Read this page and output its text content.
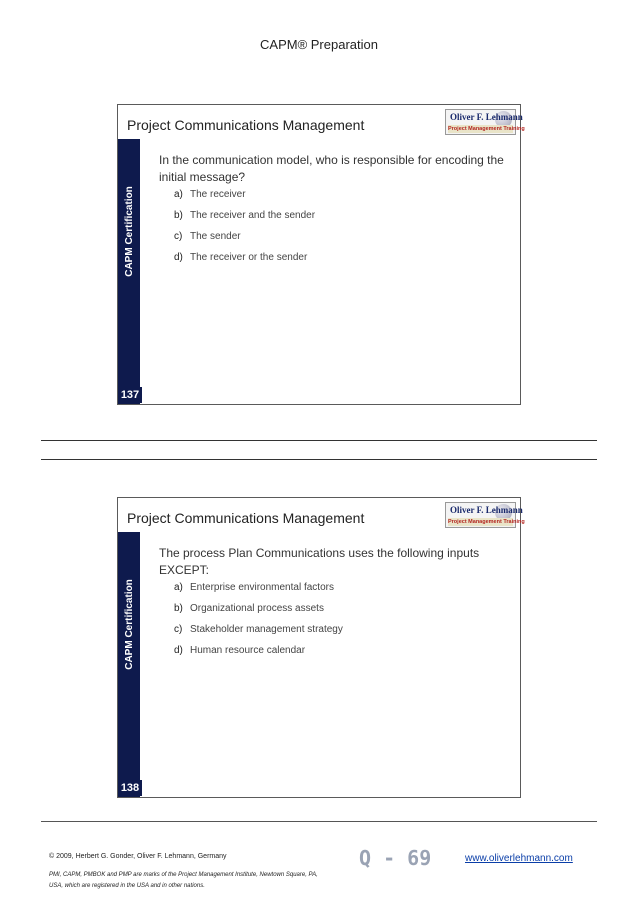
CAPM® Preparation
Project Communications Management	Oliver F. Lehmann
Project Management Training
CAPM Certification
137
In the communication model, who is responsible for encoding the initial message?
a) The receiver
b) The receiver and the sender
c) The sender
d) The receiver or the sender
Project Communications Management	Oliver F. Lehmann
Project Management Training
CAPM Certification
138
The process Plan Communications uses the following inputs EXCEPT:
a) Enterprise environmental factors
b) Organizational process assets
c) Stakeholder management strategy
d) Human resource calendar
© 2009, Herbert G. Gonder, Oliver F. Lehmann, Germany
PMI, CAPM, PMBOK and PMP are marks of the Project Management Institute, Newtown Square, PA, USA, which are registered in the USA and in other nations.
Q - 69	www.oliverlehmann.com
